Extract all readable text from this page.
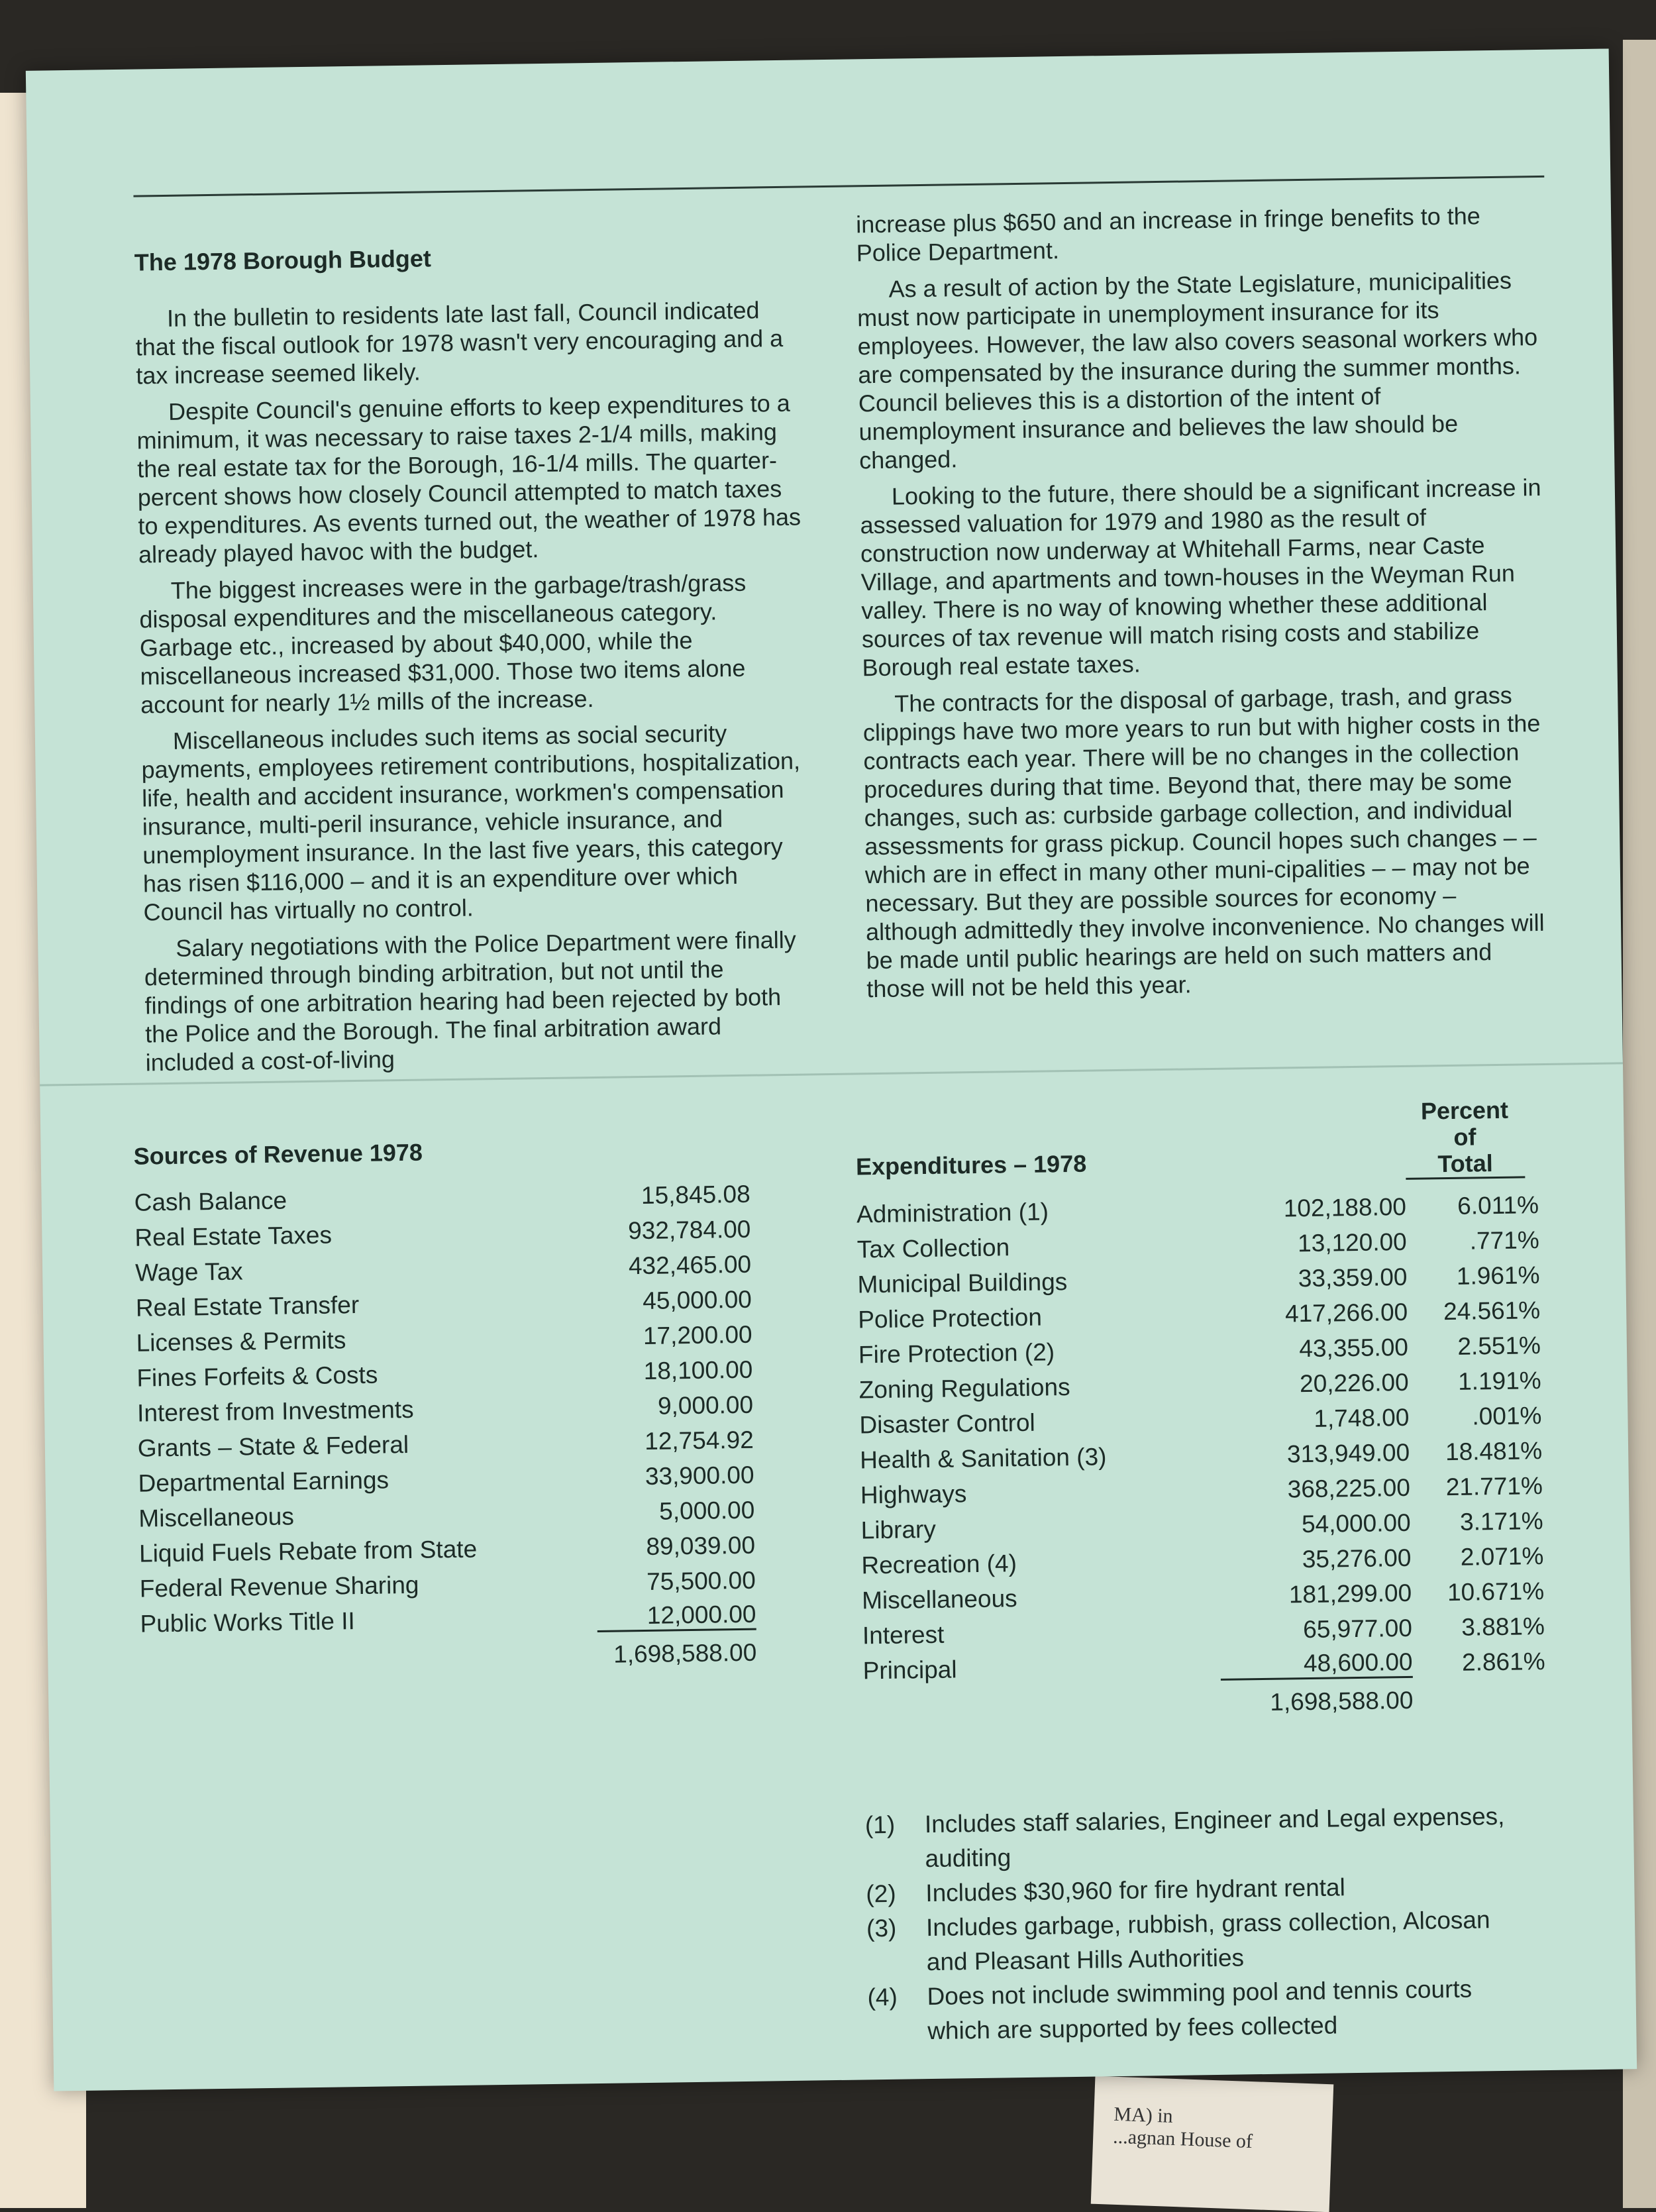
MA) in
...agnan House of
The 1978 Borough Budget

In the bulletin to residents late last fall, Council indicated that the fiscal outlook for 1978 wasn't very encouraging and a tax increase seemed likely.

Despite Council's genuine efforts to keep expenditures to a minimum, it was necessary to raise taxes 2-1/4 mills, making the real estate tax for the Borough, 16-1/4 mills. The quarter-percent shows how closely Council attempted to match taxes to expenditures. As events turned out, the weather of 1978 has already played havoc with the budget.

The biggest increases were in the garbage/trash/grass disposal expenditures and the miscellaneous category. Garbage etc., increased by about $40,000, while the miscellaneous increased $31,000. Those two items alone account for nearly 1½ mills of the increase.

Miscellaneous includes such items as social security payments, employees retirement contributions, hospitalization, life, health and accident insurance, workmen's compensation insurance, multi-peril insurance, vehicle insurance, and unemployment insurance. In the last five years, this category has risen $116,000 – and it is an expenditure over which Council has virtually no control.

Salary negotiations with the Police Department were finally determined through binding arbitration, but not until the findings of one arbitration hearing had been rejected by both the Police and the Borough. The final arbitration award included a cost-of-living

increase plus $650 and an increase in fringe benefits to the Police Department.

As a result of action by the State Legislature, municipalities must now participate in unemployment insurance for its employees. However, the law also covers seasonal workers who are compensated by the insurance during the summer months. Council believes this is a distortion of the intent of unemployment insurance and believes the law should be changed.

Looking to the future, there should be a significant increase in assessed valuation for 1979 and 1980 as the result of construction now underway at Whitehall Farms, near Caste Village, and apartments and town-houses in the Weyman Run valley. There is no way of knowing whether these additional sources of tax revenue will match rising costs and stabilize Borough real estate taxes.

The contracts for the disposal of garbage, trash, and grass clippings have two more years to run but with higher costs in the contracts each year. There will be no changes in the collection procedures during that time. Beyond that, there may be some changes, such as: curbside garbage collection, and individual assessments for grass pickup. Council hopes such changes – – which are in effect in many other muni-cipalities – – may not be necessary. But they are possible sources for economy – although admittedly they involve inconvenience. No changes will be made until public hearings are held on such matters and those will not be held this year.

Sources of Revenue 1978
Cash Balance	15,845.08
Real Estate Taxes	932,784.00
Wage Tax	432,465.00
Real Estate Transfer	45,000.00
Licenses & Permits	17,200.00
Fines Forfeits & Costs	18,100.00
Interest from Investments	9,000.00
Grants – State & Federal	12,754.92
Departmental Earnings	33,900.00
Miscellaneous	5,000.00
Liquid Fuels Rebate from State	89,039.00
Federal Revenue Sharing	75,500.00
Public Works Title II	12,000.00
1,698,588.00
Expenditures – 1978
Percent
of
Total
Administration (1)	102,188.00	6.011%
Tax Collection	13,120.00	.771%
Municipal Buildings	33,359.00	1.961%
Police Protection	417,266.00	24.561%
Fire Protection (2)	43,355.00	2.551%
Zoning Regulations	20,226.00	1.191%
Disaster Control	1,748.00	.001%
Health & Sanitation (3)	313,949.00	18.481%
Highways	368,225.00	21.771%
Library	54,000.00	3.171%
Recreation (4)	35,276.00	2.071%
Miscellaneous	181,299.00	10.671%
Interest	65,977.00	3.881%
Principal	48,600.00	2.861%
1,698,588.00
(1)	Includes staff salaries, Engineer and Legal expenses, auditing
(2)	Includes $30,960 for fire hydrant rental
(3)	Includes garbage, rubbish, grass collection, Alcosan and Pleasant Hills Authorities
(4)	Does not include swimming pool and tennis courts which are supported by fees collected
